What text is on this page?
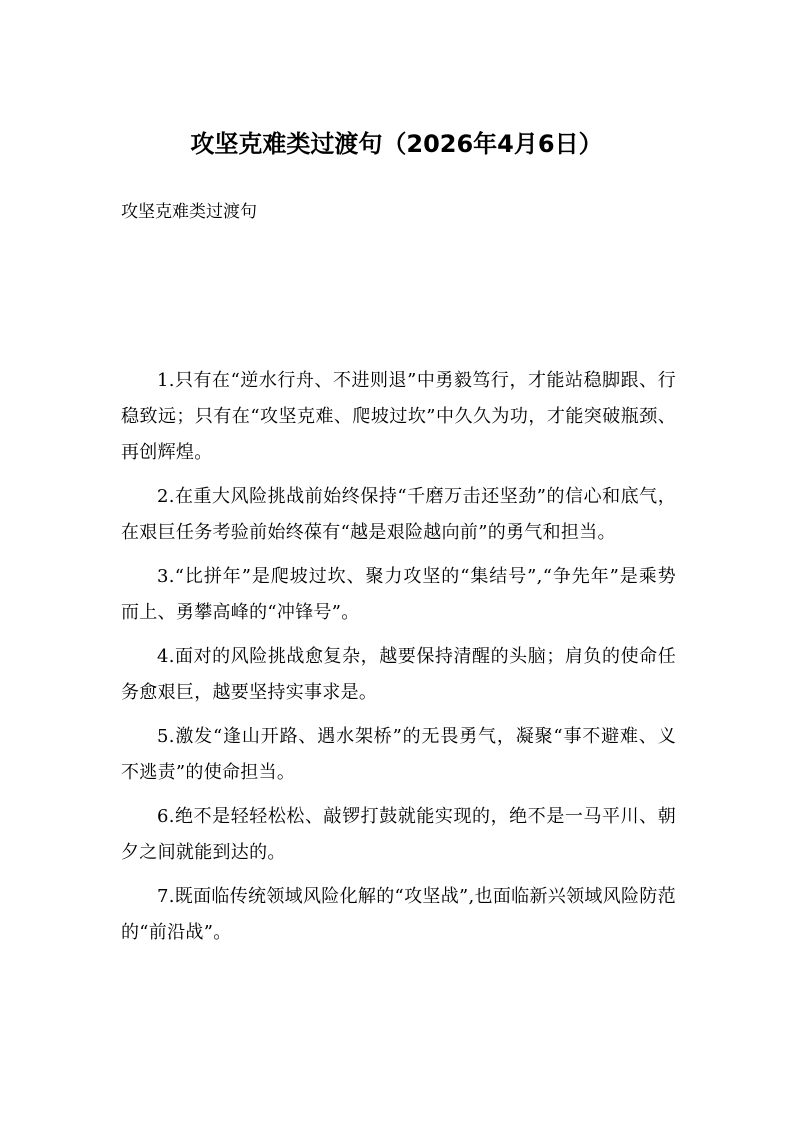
攻坚克难类过渡句（2026年4月6日）

攻坚克难类过渡句

1.只有在“逆水行舟、不进则退”中勇毅笃行，才能站稳脚跟、行稳致远；只有在“攻坚克难、爬坡过坎”中久久为功，才能突破瓶颈、再创辉煌。

2.在重大风险挑战前始终保持“千磨万击还坚劲”的信心和底气，在艰巨任务考验前始终葆有“越是艰险越向前”的勇气和担当。

3.“比拼年”是爬坡过坎、聚力攻坚的“集结号”,“争先年”是乘势而上、勇攀高峰的“冲锋号”。

4.面对的风险挑战愈复杂，越要保持清醒的头脑；肩负的使命任务愈艰巨，越要坚持实事求是。

5.激发“逢山开路、遇水架桥”的无畏勇气，凝聚“事不避难、义不逃责”的使命担当。

6.绝不是轻轻松松、敲锣打鼓就能实现的，绝不是一马平川、朝夕之间就能到达的。

7.既面临传统领域风险化解的“攻坚战”,也面临新兴领域风险防范的“前沿战”。
